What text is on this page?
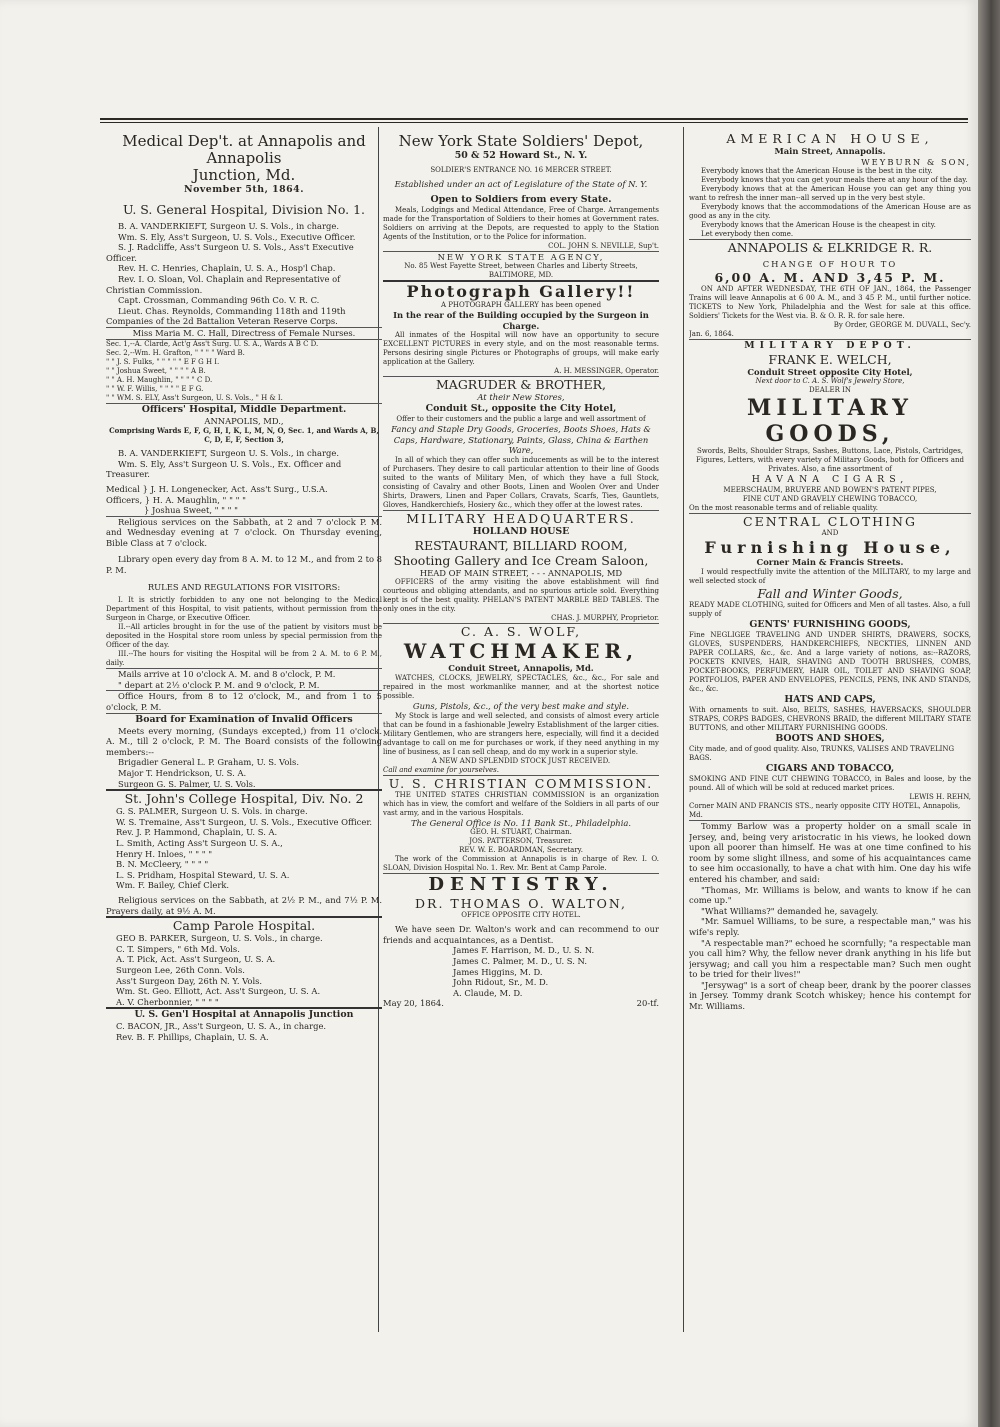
Medical Dep't. at Annapolis and Annapolis
Junction, Md.
November 5th, 1864.
U. S. General Hospital, Division No. 1.

B. A. VANDERKIEFT, Surgeon U. S. Vols., in charge.

Wm. S. Ely, Ass't Surgeon, U. S. Vols., Executive Officer.

S. J. Radcliffe, Ass't Surgeon U. S. Vols., Ass't Executive Officer.

Rev. H. C. Henries, Chaplain, U. S. A., Hosp'l Chap.

Rev. I. O. Sloan, Vol. Chaplain and Representative of Christian Commission.

Capt. Crossman, Commanding 96th Co. V. R. C.

Lieut. Chas. Reynolds, Commanding 118th and 119th Companies of the 2d Battalion Veteran Reserve Corps.

Miss Maria M. C. Hall, Directress of Female Nurses.

Sec. 1,--A. Clarde, Act'g Ass't Surg. U. S. A., Wards A B C D.

Sec. 2,--Wm. H. Grafton, " " " " Ward B.

" " J. S. Fulks, " " " " " E F G H I.

" " Joshua Sweet, " " " " A B.

" " A. H. Maughlin, " " " " C D.

" " W. F. Willis, " " " " E F G.

" " WM. S. ELY, Ass't Surgeon, U. S. Vols., " H & I.

Officers' Hospital, Middle Department.
ANNAPOLIS, MD.,
Comprising Wards E, F, G, H, I, K, L, M, N, O, Sec. 1, and Wards A, B, C, D, E, F, Section 3,

B. A. VANDERKIEFT, Surgeon U. S. Vols., in charge.

Wm. S. Ely, Ass't Surgeon U. S. Vols., Ex. Officer and Treasurer.

Medical } J. H. Longenecker, Act. Ass't Surg., U.S.A.

Officers, } H. A. Maughlin, " " " "

} Joshua Sweet, " " " "

Religious services on the Sabbath, at 2 and 7 o'clock P. M. and Wednesday evening at 7 o'clock. On Thursday evening, Bible Class at 7 o'clock.

Library open every day from 8 A. M. to 12 M., and from 2 to 8 P. M.

RULES AND REGULATIONS FOR VISITORS:

I. It is strictly forbidden to any one not belonging to the Medical Department of this Hospital, to visit patients, without permission from the Surgeon in Charge, or Executive Officer.

II.--All articles brought in for the use of the patient by visitors must be deposited in the Hospital store room unless by special permission from the Officer of the day.

III.--The hours for visiting the Hospital will be from 2 A. M. to 6 P. M., daily.

Mails arrive at 10 o'clock A. M. and 8 o'clock, P. M.

" depart at 2½ o'clock P. M. and 9 o'clock, P. M.

Office Hours, from 8 to 12 o'clock, M., and from 1 to 5 o'clock, P. M.

Board for Examination of Invalid Officers

Meets every morning, (Sundays excepted,) from 11 o'clock. A. M., till 2 o'clock, P. M. The Board consists of the following members:--

Brigadier General L. P. Graham, U. S. Vols.

Major T. Hendrickson, U. S. A.

Surgeon G. S. Palmer, U. S. Vols.

St. John's College Hospital, Div. No. 2

G. S. PALMER, Surgeon U. S. Vols. in charge.

W. S. Tremaine, Ass't Surgeon, U. S. Vols., Executive Officer.

Rev. J. P. Hammond, Chaplain, U. S. A.

L. Smith, Acting Ass't Surgeon U. S. A.,

Henry H. Inloes, " " " "

B. N. McCleery, " " " "

L. S. Pridham, Hospital Steward, U. S. A.

Wm. F. Bailey, Chief Clerk.

Religious services on the Sabbath, at 2½ P. M., and 7½ P. M. Prayers daily, at 9½ A. M.

Camp Parole Hospital.

GEO B. PARKER, Surgeon, U. S. Vols., in charge.

C. T. Simpers, " 6th Md. Vols.

A. T. Pick, Act. Ass't Surgeon, U. S. A.

Surgeon Lee, 26th Conn. Vols.

Ass't Surgeon Day, 26th N. Y. Vols.

Wm. St. Geo. Elliott, Act. Ass't Surgeon, U. S. A.

A. V. Cherbonnier, " " " "

U. S. Gen'l Hospital at Annapolis Junction

C. BACON, JR., Ass't Surgeon, U. S. A., in charge.

Rev. B. F. Phillips, Chaplain, U. S. A.

New York State Soldiers' Depot,
50 & 52 Howard St., N. Y.
SOLDIER'S ENTRANCE NO. 16 MERCER STREET.
Established under an act of Legislature of the State of N. Y.
Open to Soldiers from every State.

Meals, Lodgings and Medical Attendance, Free of Charge. Arrangements made for the Transportation of Soldiers to their homes at Government rates. Soldiers on arriving at the Depots, are requested to apply to the Station Agents of the Institution, or to the Police for information.

COL. JOHN S. NEVILLE, Sup't.
NEW YORK STATE AGENCY,

No. 85 West Fayette Street, between Charles and Liberty Streets, BALTIMORE, MD.

Photograph Gallery!!
A PHOTOGRAPH GALLERY has been opened
In the rear of the Building occupied by the Surgeon in Charge.

All inmates of the Hospital will now have an opportunity to secure EXCELLENT PICTURES in every style, and on the most reasonable terms. Persons desiring single Pictures or Photographs of groups, will make early application at the Gallery.

A. H. MESSINGER, Operator.
MAGRUDER & BROTHER,
At their New Stores,
Conduit St., opposite the City Hotel,
Offer to their customers and the public a large and well assortment of
Fancy and Staple Dry Goods, Groceries, Boots Shoes, Hats & Caps, Hardware, Stationary, Paints, Glass, China & Earthen Ware,

In all of which they can offer such inducements as will be to the interest of Purchasers. They desire to call particular attention to their line of Goods suited to the wants of Military Men, of which they have a full Stock, consisting of Cavalry and other Boots, Linen and Woolen Over and Under Shirts, Drawers, Linen and Paper Collars, Cravats, Scarfs, Ties, Gauntlets, Gloves, Handkerchiefs, Hosiery &c., which they offer at the lowest rates.

MILITARY HEADQUARTERS.
HOLLAND HOUSE
RESTAURANT, BILLIARD ROOM,
Shooting Gallery and Ice Cream Saloon,
HEAD OF MAIN STREET, - - - ANNAPOLIS, MD

OFFICERS of the army visiting the above establishment will find courteous and obliging attendants, and no spurious article sold. Everything kept is of the best quality. PHELAN'S PATENT MARBLE BED TABLES. The only ones in the city.

CHAS. J. MURPHY, Proprietor.
C. A. S. WOLF,
WATCHMAKER,
Conduit Street, Annapolis, Md.

WATCHES, CLOCKS, JEWELRY, SPECTACLES, &c., &c., For sale and repaired in the most workmanlike manner, and at the shortest notice possible.

Guns, Pistols, &c., of the very best make and style.

My Stock is large and well selected, and consists of almost every article that can be found in a fashionable Jewelry Establishment of the larger cities. Military Gentlemen, who are strangers here, especially, will find it a decided advantage to call on me for purchases or work, if they need anything in my line of business, as I can sell cheap, and do my work in a superior style.

A NEW AND SPLENDID STOCK JUST RECEIVED.
Call and examine for yourselves.
U. S. CHRISTIAN COMMISSION.

THE UNITED STATES CHRISTIAN COMMISSION is an organization which has in view, the comfort and welfare of the Soldiers in all parts of our vast army, and in the various Hospitals.

The General Office is No. 11 Bank St., Philadelphia.

GEO. H. STUART, Chairman.

JOS. PATTERSON, Treasurer.

REV. W. E. BOARDMAN, Secretary.

The work of the Commission at Annapolis is in charge of Rev. I. O. SLOAN, Division Hospital No. 1. Rev. Mr. Bent at Camp Parole.

DENTISTRY.
DR. THOMAS O. WALTON,
OFFICE OPPOSITE CITY HOTEL.

We have seen Dr. Walton's work and can recommend to our friends and acquaintances, as a Dentist.

James F. Harrison, M. D., U. S. N.

James C. Palmer, M. D., U. S. N.

James Higgins, M. D.

John Ridout, Sr., M. D.

A. Claude, M. D.

May 20, 1864.	20-tf.
AMERICAN HOUSE,
Main Street, Annapolis.
WEYBURN & SON,

Everybody knows that the American House is the best in the city.

Everybody knows that you can get your meals there at any hour of the day.

Everybody knows that at the American House you can get any thing you want to refresh the inner man--all served up in the very best style.

Everybody knows that the accommodations of the American House are as good as any in the city.

Everybody knows that the American House is the cheapest in city.

Let everybody then come.

ANNAPOLIS & ELKRIDGE R. R.
CHANGE OF HOUR TO
6,00 A. M. AND 3,45 P. M.

ON AND AFTER WEDNESDAY, THE 6TH OF JAN., 1864, the Passenger Trains will leave Annapolis at 6 00 A. M., and 3 45 P. M., until further notice. TICKETS to New York, Philadelphia and the West for sale at this office. Soldiers' Tickets for the West via. B. & O. R. R. for sale here.

By Order, GEORGE M. DUVALL, Sec'y.
Jan. 6, 1864.
MILITARY DEPOT.
FRANK E. WELCH,
Conduit Street opposite City Hotel,
Next door to C. A. S. Wolf's Jewelry Store,
DEALER IN
MILITARY GOODS,

Swords, Belts, Shoulder Straps, Sashes, Buttons, Lace, Pistols, Cartridges, Figures, Letters, with every variety of Military Goods, both for Officers and Privates. Also, a fine assortment of

HAVANA CIGARS,
MEERSCHAUM, BRUYERE AND BOWEN'S PATENT PIPES,
FINE CUT AND GRAVELY CHEWING TOBACCO,
On the most reasonable terms and of reliable quality.
CENTRAL CLOTHING
AND
Furnishing House,
Corner Main & Francis Streets.

I would respectfully invite the attention of the MILITARY, to my large and well selected stock of

Fall and Winter Goods,

READY MADE CLOTHING, suited for Officers and Men of all tastes. Also, a full supply of

GENTS' FURNISHING GOODS,

Fine NEGLIGEE TRAVELING AND UNDER SHIRTS, DRAWERS, SOCKS, GLOVES, SUSPENDERS, HANDKERCHIEFS, NECKTIES, LINNEN AND PAPER COLLARS, &c., &c. And a large variety of notions, as:--RAZORS, POCKETS KNIVES, HAIR, SHAVING AND TOOTH BRUSHES, COMBS, POCKET-BOOKS, PERFUMERY, HAIR OIL, TOILET AND SHAVING SOAP, PORTFOLIOS, PAPER AND ENVELOPES, PENCILS, PENS, INK AND STANDS, &c., &c.

HATS AND CAPS,

With ornaments to suit. Also, BELTS, SASHES, HAVERSACKS, SHOULDER STRAPS, CORPS BADGES, CHEVRONS BRAID, the different MILITARY STATE BUTTONS, and other MILITARY FURNISHING GOODS.

BOOTS AND SHOES,

City made, and of good quality. Also, TRUNKS, VALISES AND TRAVELING BAGS.

CIGARS AND TOBACCO,

SMOKING AND FINE CUT CHEWING TOBACCO, in Bales and loose, by the pound. All of which will be sold at reduced market prices.

LEWIS H. REHN,
Corner MAIN AND FRANCIS STS., nearly opposite CITY HOTEL, Annapolis, Md.

Tommy Barlow was a property holder on a small scale in Jersey, and, being very aristocratic in his views, he looked down upon all poorer than himself. He was at one time confined to his room by some slight illness, and some of his acquaintances came to see him occasionally, to have a chat with him. One day his wife entered his chamber, and said:

"Thomas, Mr. Williams is below, and wants to know if he can come up."

"What Williams?" demanded he, savagely.

"Mr. Samuel Williams, to be sure, a respectable man," was his wife's reply.

"A respectable man?" echoed he scornfully; "a respectable man you call him? Why, the fellow never drank anything in his life but jersywag; and call you him a respectable man? Such men ought to be tried for their lives!"

"Jersywag" is a sort of cheap beer, drank by the poorer classes in Jersey. Tommy drank Scotch whiskey; hence his contempt for Mr. Williams.
